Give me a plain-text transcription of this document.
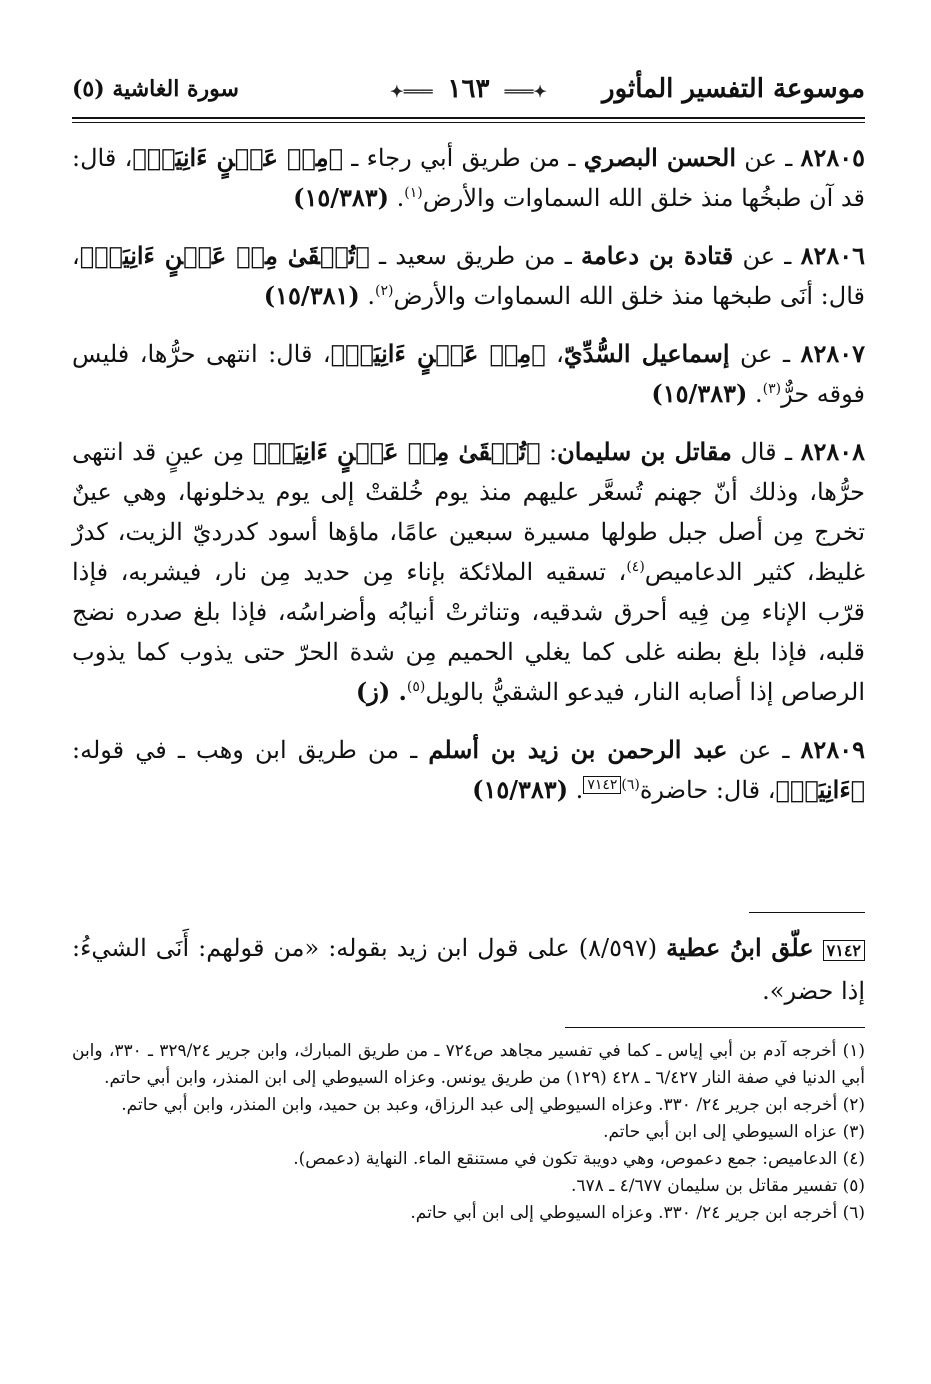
موسوعة التفسير المأثور
✦═══ ١٦٣ ═══✦
سورة الغاشية (٥)

٨٢٨٠٥ ـ عن الحسن البصري ـ من طريق أبي رجاء ـ ﴿مِنۡ عَيۡنٍ ءَانِيَةٖ﴾، قال: قد آن طبخُها منذ خلق الله السماوات والأرض$^{(١)}$. (١٥/٣٨٣)

٨٢٨٠٦ ـ عن قتادة بن دعامة ـ من طريق سعيد ـ ﴿تُسۡقَىٰ مِنۡ عَيۡنٍ ءَانِيَةٖ﴾، قال: أنَى طبخها منذ خلق الله السماوات والأرض$^{(٢)}$. (١٥/٣٨١)

٨٢٨٠٧ ـ عن إسماعيل السُّدِّيّ، ﴿مِنۡ عَيۡنٍ ءَانِيَةٖ﴾، قال: انتهى حرُّها، فليس فوقه حرٌّ$^{(٣)}$. (١٥/٣٨٣)

٨٢٨٠٨ ـ قال مقاتل بن سليمان: ﴿تُسۡقَىٰ مِنۡ عَيۡنٍ ءَانِيَةٖ﴾ مِن عينٍ قد انتهى حرُّها، وذلك أنّ جهنم تُسعَّر عليهم منذ يوم خُلقتْ إلى يوم يدخلونها، وهي عينٌ تخرج مِن أصل جبل طولها مسيرة سبعين عامًا، ماؤها أسود كدرديّ الزيت، كدرٌ غليظ، كثير الدعاميص$^{(٤)}$، تسقيه الملائكة بإناء مِن حديد مِن نار، فيشربه، فإذا قرّب الإناء مِن فِيه أحرق شدقيه، وتناثرتْ أنيابُه وأضراسُه، فإذا بلغ صدره نضج قلبه، فإذا بلغ بطنه غلى كما يغلي الحميم مِن شدة الحرّ حتى يذوب كما يذوب الرصاص إذا أصابه النار، فيدعو الشقيُّ بالويل$^{(٥)}$. (ز)

٨٢٨٠٩ ـ عن عبد الرحمن بن زيد بن أسلم ـ من طريق ابن وهب ـ في قوله: ﴿ءَانِيَةٖ﴾، قال: حاضرة$^{(٦)}$٧١٤٢. (١٥/٣٨٣)

٧١٤٢ علّق ابنُ عطية (٨/٥٩٧) على قول ابن زيد بقوله: «من قولهم: أَنَى الشيءُ: إذا حضر».

(١) أخرجه آدم بن أبي إياس ـ كما في تفسير مجاهد ص٧٢٤ ـ من طريق المبارك، وابن جرير ٣٢٩/٢٤ ـ ٣٣٠، وابن أبي الدنيا في صفة النار ٦/٤٢٧ ـ ٤٢٨ (١٢٩) من طريق يونس. وعزاه السيوطي إلى ابن المنذر، وابن أبي حاتم.

(٢) أخرجه ابن جرير ٢٤/ ٣٣٠. وعزاه السيوطي إلى عبد الرزاق، وعبد بن حميد، وابن المنذر، وابن أبي حاتم.

(٣) عزاه السيوطي إلى ابن أبي حاتم.

(٤) الدعاميص: جمع دعموص، وهي دويبة تكون في مستنقع الماء. النهاية (دعمص).

(٥) تفسير مقاتل بن سليمان ٤/٦٧٧ ـ ٦٧٨.

(٦) أخرجه ابن جرير ٢٤/ ٣٣٠. وعزاه السيوطي إلى ابن أبي حاتم.
